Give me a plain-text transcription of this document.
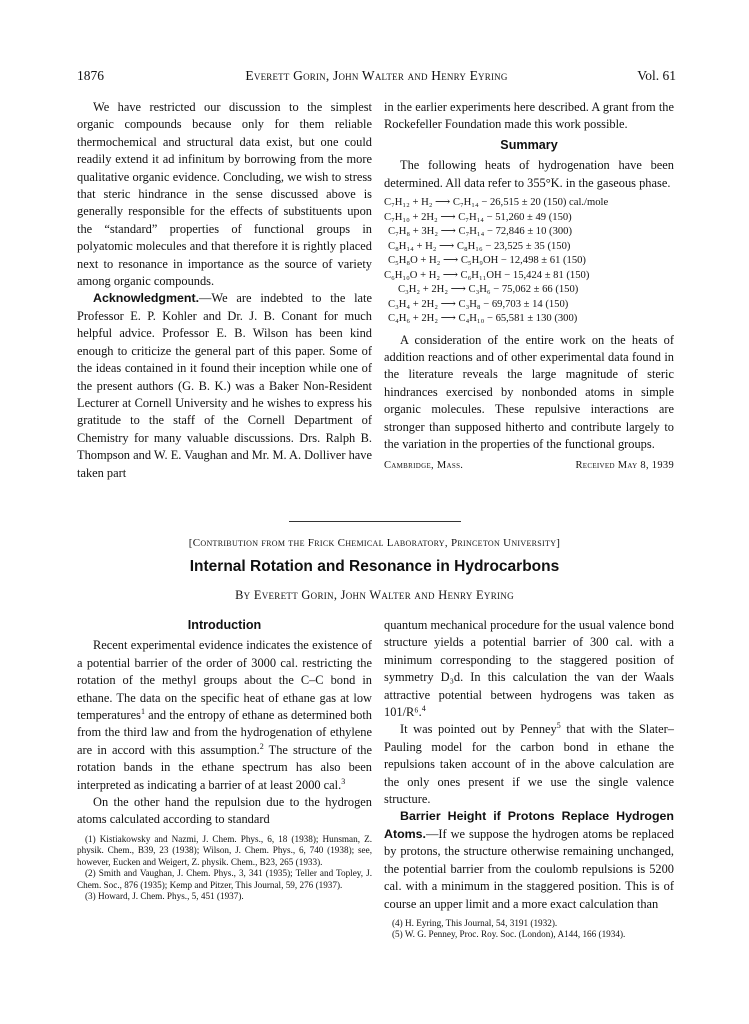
1876	Everett Gorin, John Walter and Henry Eyring	Vol. 61

We have restricted our discussion to the simplest organic compounds because only for them reliable thermochemical and structural data exist, but one could readily extend it ad infinitum by borrowing from the more qualitative organic evidence. Concluding, we wish to stress that steric hindrance in the sense discussed above is generally responsible for the effects of substituents upon the “standard” properties of functional groups in polyatomic molecules and that therefore it is rightly placed next to resonance in importance as the source of variety among organic compounds.

Acknowledgment.—We are indebted to the late Professor E. P. Kohler and Dr. J. B. Conant for much helpful advice. Professor E. B. Wilson has been kind enough to criticize the general part of this paper. Some of the ideas contained in it found their inception while one of the present authors (G. B. K.) was a Baker Non-Resident Lecturer at Cornell University and he wishes to express his gratitude to the staff of the Cornell Department of Chemistry for many valuable discussions. Drs. Ralph B. Thompson and W. E. Vaughan and Mr. M. A. Dolliver have taken part

in the earlier experiments here described. A grant from the Rockefeller Foundation made this work possible.

Summary

The following heats of hydrogenation have been determined. All data refer to 355°K. in the gaseous phase.

C₇H₁₂ + H₂ ⟶ C₇H₁₄ − 26,515 ± 20 (150) cal./mole
C₇H₁₀ + 2H₂ ⟶ C₇H₁₄ − 51,260 ± 49 (150)
C₇H₈ + 3H₂ ⟶ C₇H₁₄ − 72,846 ± 10 (300)
C₈H₁₄ + H₂ ⟶ C₈H₁₆ − 23,525 ± 35 (150)
C₅H₈O + H₂ ⟶ C₅H₉OH − 12,498 ± 61 (150)
C₆H₁₀O + H₂ ⟶ C₆H₁₁OH − 15,424 ± 81 (150)
C₃H₂ + 2H₂ ⟶ C₃H₆ − 75,062 ± 66 (150)
C₃H₄ + 2H₂ ⟶ C₃H₈ − 69,703 ± 14 (150)
C₄H₆ + 2H₂ ⟶ C₄H₁₀ − 65,581 ± 130 (300)

A consideration of the entire work on the heats of addition reactions and of other experimental data found in the literature reveals the large magnitude of steric hindrances exercised by nonbonded atoms in simple organic molecules. These repulsive interactions are stronger than supposed hitherto and contribute largely to the variation in the properties of the functional groups.

Cambridge, Mass.	Received May 8, 1939
[Contribution from the Frick Chemical Laboratory, Princeton University]
Internal Rotation and Resonance in Hydrocarbons
By Everett Gorin, John Walter and Henry Eyring
Introduction

Recent experimental evidence indicates the existence of a potential barrier of the order of 3000 cal. restricting the rotation of the methyl groups about the C–C bond in ethane. The data on the specific heat of ethane gas at low temperatures$^1$ and the entropy of ethane as determined both from the third law and from the hydrogenation of ethylene are in accord with this assumption.$^2$ The structure of the rotation bands in the ethane spectrum has also been interpreted as indicating a barrier of at least 2000 cal.$^3$

On the other hand the repulsion due to the hydrogen atoms calculated according to standard

(1) Kistiakowsky and Nazmi, J. Chem. Phys., 6, 18 (1938); Hunsman, Z. physik. Chem., B39, 23 (1938); Wilson, J. Chem. Phys., 6, 740 (1938); see, however, Eucken and Weigert, Z. physik. Chem., B23, 265 (1933).
(2) Smith and Vaughan, J. Chem. Phys., 3, 341 (1935); Teller and Topley, J. Chem. Soc., 876 (1935); Kemp and Pitzer, This Journal, 59, 276 (1937).
(3) Howard, J. Chem. Phys., 5, 451 (1937).

quantum mechanical procedure for the usual valence bond structure yields a potential barrier of 300 cal. with a minimum corresponding to the staggered position of symmetry D₃d. In this calculation the van der Waals attractive potential between hydrogens was taken as 101/R⁶.$^4$

It was pointed out by Penney$^5$ that with the Slater–Pauling model for the carbon bond in ethane the repulsions taken account of in the above calculation are the only ones present if we use the single valence structure.

Barrier Height if Protons Replace Hydrogen Atoms.—If we suppose the hydrogen atoms be replaced by protons, the structure otherwise remaining unchanged, the potential barrier from the coulomb repulsions is 5200 cal. with a minimum in the staggered position. This is of course an upper limit and a more exact calculation than

(4) H. Eyring, This Journal, 54, 3191 (1932).
(5) W. G. Penney, Proc. Roy. Soc. (London), A144, 166 (1934).
